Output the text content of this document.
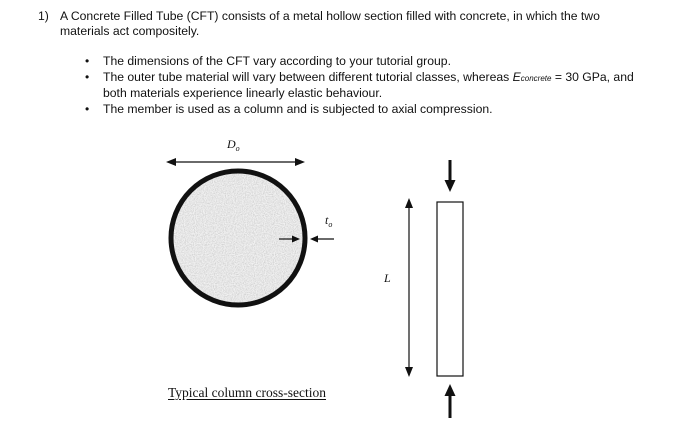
1) A Concrete Filled Tube (CFT) consists of a metal hollow section filled with concrete, in which the two
materials act compositely.
•	The dimensions of the CFT vary according to your tutorial group.
•	The outer tube material will vary between different tutorial classes, whereas Econcrete = 30 GPa, and
both materials experience linearly elastic behaviour.
•	The member is used as a column and is subjected to axial compression.
$D_o$
$t_o$
L
Typical column cross-section
